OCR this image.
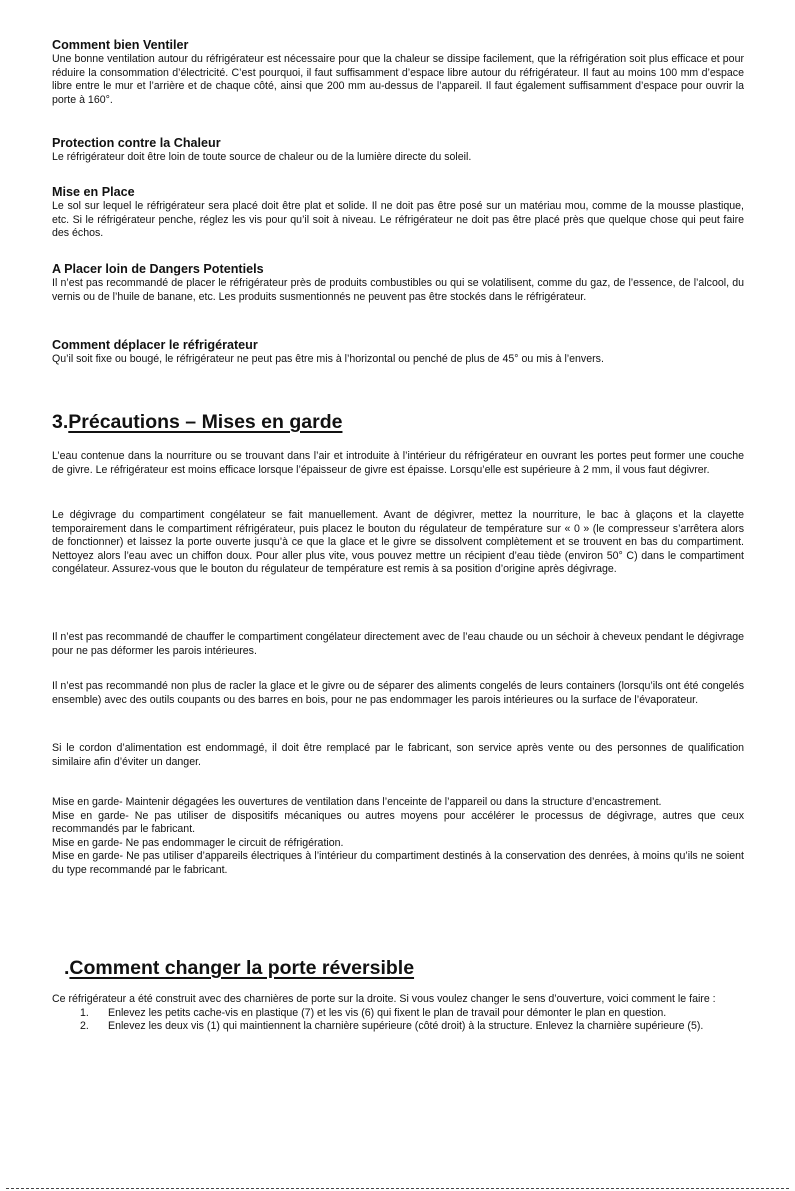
Comment bien Ventiler

Une bonne ventilation autour du réfrigérateur est nécessaire pour que la chaleur se dissipe facilement, que la réfrigération soit plus efficace et pour réduire la consommation d’électricité. C’est pourquoi, il faut suffisamment d’espace libre autour du réfrigérateur. Il faut au moins 100 mm d’espace libre entre le mur et l’arrière et de chaque côté, ainsi que 200 mm au-dessus de l’appareil. Il faut également suffisamment d’espace pour ouvrir la porte à 160°.

Protection contre la Chaleur

Le réfrigérateur doit être loin de toute source de chaleur ou de la lumière directe du soleil.

Mise en Place

Le sol sur lequel le réfrigérateur sera placé doit être plat et solide. Il ne doit pas être posé sur un matériau mou, comme de la mousse plastique, etc. Si le réfrigérateur penche, réglez les vis pour qu’il soit à niveau. Le réfrigérateur ne doit pas être placé près que quelque chose qui peut faire des échos.

A Placer loin de Dangers Potentiels

Il n’est pas recommandé de placer le réfrigérateur près de produits combustibles ou qui se volatilisent, comme du gaz, de l’essence, de l’alcool, du vernis ou de l’huile de banane, etc. Les produits susmentionnés ne peuvent pas être stockés dans le réfrigérateur.

Comment déplacer le réfrigérateur

Qu’il soit fixe ou bougé, le réfrigérateur ne peut pas être mis à l’horizontal ou penché de plus de 45° ou mis à l’envers.

3.Précautions – Mises en garde

L’eau contenue dans la nourriture ou se trouvant dans l’air et introduite à l’intérieur du réfrigérateur en ouvrant les portes peut former une couche de givre. Le réfrigérateur est moins efficace lorsque l’épaisseur de givre est épaisse. Lorsqu’elle est supérieure à 2 mm, il vous faut dégivrer.

Le dégivrage du compartiment congélateur se fait manuellement. Avant de dégivrer, mettez la nourriture, le bac à glaçons et la clayette temporairement dans le compartiment réfrigérateur, puis placez le bouton du régulateur de température sur « 0 » (le compresseur s’arrêtera alors de fonctionner) et laissez la porte ouverte jusqu’à ce que la glace et le givre se dissolvent complètement et se trouvent en bas du compartiment. Nettoyez alors l’eau avec un chiffon doux. Pour aller plus vite, vous pouvez mettre un récipient d’eau tiède (environ 50° C) dans le compartiment congélateur. Assurez-vous que le bouton du régulateur de température est remis à sa position d’origine après dégivrage.

Il n’est pas recommandé de chauffer le compartiment congélateur directement avec de l’eau chaude ou un séchoir à cheveux pendant le dégivrage pour ne pas déformer les parois intérieures.

Il n’est pas recommandé non plus de racler la glace et le givre ou de séparer des aliments congelés de leurs containers (lorsqu’ils ont été congelés ensemble) avec des outils coupants ou des barres en bois, pour ne pas endommager les parois intérieures ou la surface de l’évaporateur.

Si le cordon d’alimentation est endommagé, il doit être remplacé par le fabricant, son service après vente ou des personnes de qualification similaire afin d’éviter un danger.

Mise en garde- Maintenir dégagées les ouvertures de ventilation dans l’enceinte de l’appareil ou dans la structure d’encastrement.

Mise en garde- Ne pas utiliser de dispositifs mécaniques ou autres moyens pour accélérer le processus de dégivrage, autres que ceux recommandés par le fabricant.

Mise en garde- Ne pas endommager le circuit de réfrigération.

Mise en garde- Ne pas utiliser d’appareils électriques à l’intérieur du compartiment destinés à la conservation des denrées, à moins qu’ils ne soient du type recommandé par le fabricant.

.Comment changer la porte réversible

Ce réfrigérateur a été construit avec des charnières de porte sur la droite. Si vous voulez changer le sens d’ouverture, voici comment le faire :

1. Enlevez les petits cache-vis en plastique (7) et les vis (6) qui fixent le plan de travail pour démonter le plan en question.
2. Enlevez les deux vis (1) qui maintiennent la charnière supérieure (côté droit) à la structure. Enlevez la charnière supérieure (5).
